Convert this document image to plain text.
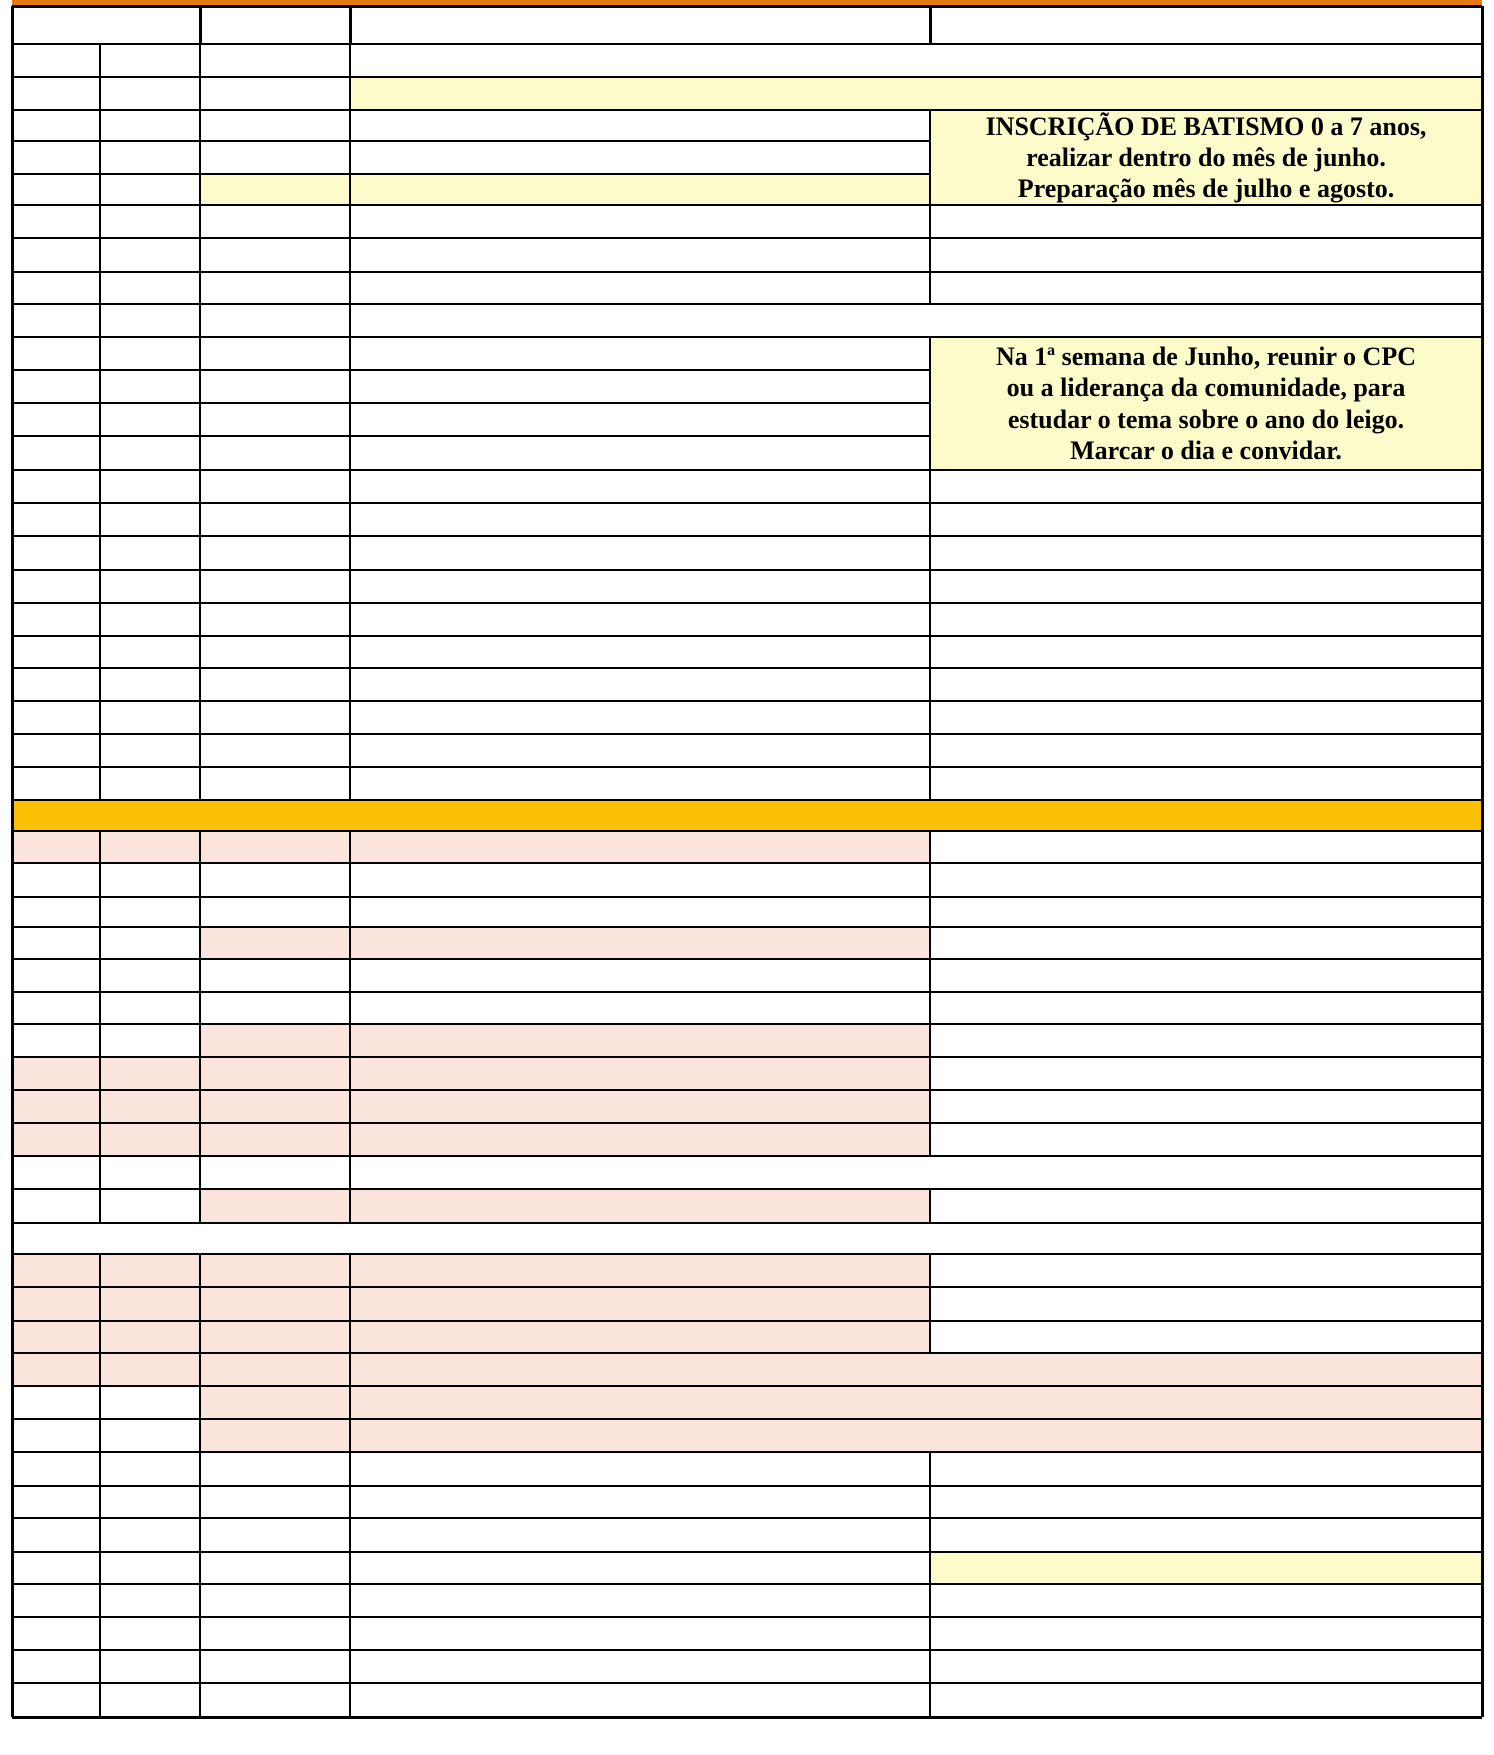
INSCRIÇÃO DE BATISMO 0 a 7 anos,
realizar dentro do mês de junho.
Preparação mês de julho e agosto.
Na 1ª semana de Junho, reunir o CPC
ou a liderança da comunidade, para
estudar o tema sobre o ano do leigo.
Marcar o dia e convidar.
